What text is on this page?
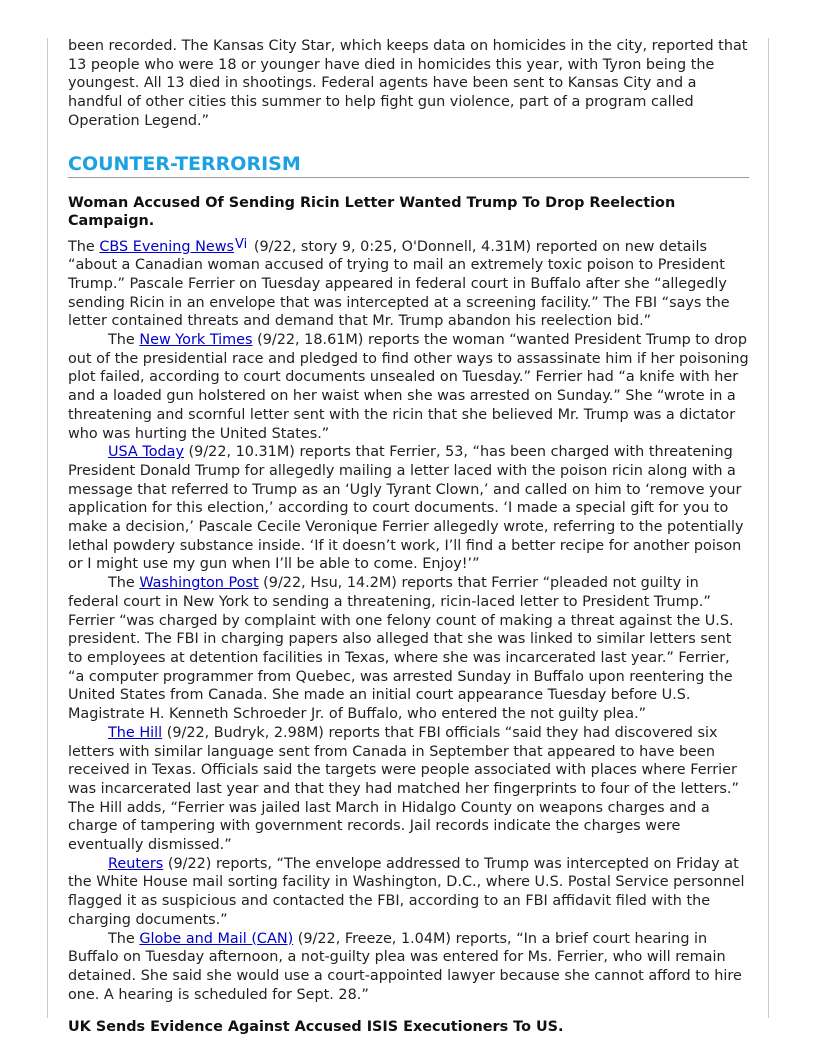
been recorded. The Kansas City Star, which keeps data on homicides in the city, reported that 13 people who were 18 or younger have died in homicides this year, with Tyron being the youngest. All 13 died in shootings. Federal agents have been sent to Kansas City and a handful of other cities this summer to help fight gun violence, part of a program called Operation Legend.”

COUNTER-TERRORISM
Woman Accused Of Sending Ricin Letter Wanted Trump To Drop Reelection Campaign.

The CBS Evening News$^{Vi}$ (9/22, story 9, 0:25, O'Donnell, 4.31M) reported on new details “about a Canadian woman accused of trying to mail an extremely toxic poison to President Trump.” Pascale Ferrier on Tuesday appeared in federal court in Buffalo after she “allegedly sending Ricin in an envelope that was intercepted at a screening facility.” The FBI “says the letter contained threats and demand that Mr. Trump abandon his reelection bid.”

The New York Times (9/22, 18.61M) reports the woman “wanted President Trump to drop out of the presidential race and pledged to find other ways to assassinate him if her poisoning plot failed, according to court documents unsealed on Tuesday.” Ferrier had “a knife with her and a loaded gun holstered on her waist when she was arrested on Sunday.” She “wrote in a threatening and scornful letter sent with the ricin that she believed Mr. Trump was a dictator who was hurting the United States.”

USA Today (9/22, 10.31M) reports that Ferrier, 53, “has been charged with threatening President Donald Trump for allegedly mailing a letter laced with the poison ricin along with a message that referred to Trump as an ‘Ugly Tyrant Clown,’ and called on him to ‘remove your application for this election,’ according to court documents. ‘I made a special gift for you to make a decision,’ Pascale Cecile Veronique Ferrier allegedly wrote, referring to the potentially lethal powdery substance inside. ‘If it doesn’t work, I’ll find a better recipe for another poison or I might use my gun when I’ll be able to come. Enjoy!’”

The Washington Post (9/22, Hsu, 14.2M) reports that Ferrier “pleaded not guilty in federal court in New York to sending a threatening, ricin-laced letter to President Trump.” Ferrier “was charged by complaint with one felony count of making a threat against the U.S. president. The FBI in charging papers also alleged that she was linked to similar letters sent to employees at detention facilities in Texas, where she was incarcerated last year.” Ferrier, “a computer programmer from Quebec, was arrested Sunday in Buffalo upon reentering the United States from Canada. She made an initial court appearance Tuesday before U.S. Magistrate H. Kenneth Schroeder Jr. of Buffalo, who entered the not guilty plea.”

The Hill (9/22, Budryk, 2.98M) reports that FBI officials “said they had discovered six letters with similar language sent from Canada in September that appeared to have been received in Texas. Officials said the targets were people associated with places where Ferrier was incarcerated last year and that they had matched her fingerprints to four of the letters.” The Hill adds, “Ferrier was jailed last March in Hidalgo County on weapons charges and a charge of tampering with government records. Jail records indicate the charges were eventually dismissed.”

Reuters (9/22) reports, “The envelope addressed to Trump was intercepted on Friday at the White House mail sorting facility in Washington, D.C., where U.S. Postal Service personnel flagged it as suspicious and contacted the FBI, according to an FBI affidavit filed with the charging documents.”

The Globe and Mail (CAN) (9/22, Freeze, 1.04M) reports, “In a brief court hearing in Buffalo on Tuesday afternoon, a not-guilty plea was entered for Ms. Ferrier, who will remain detained. She said she would use a court-appointed lawyer because she cannot afford to hire one. A hearing is scheduled for Sept. 28.”

UK Sends Evidence Against Accused ISIS Executioners To US.
